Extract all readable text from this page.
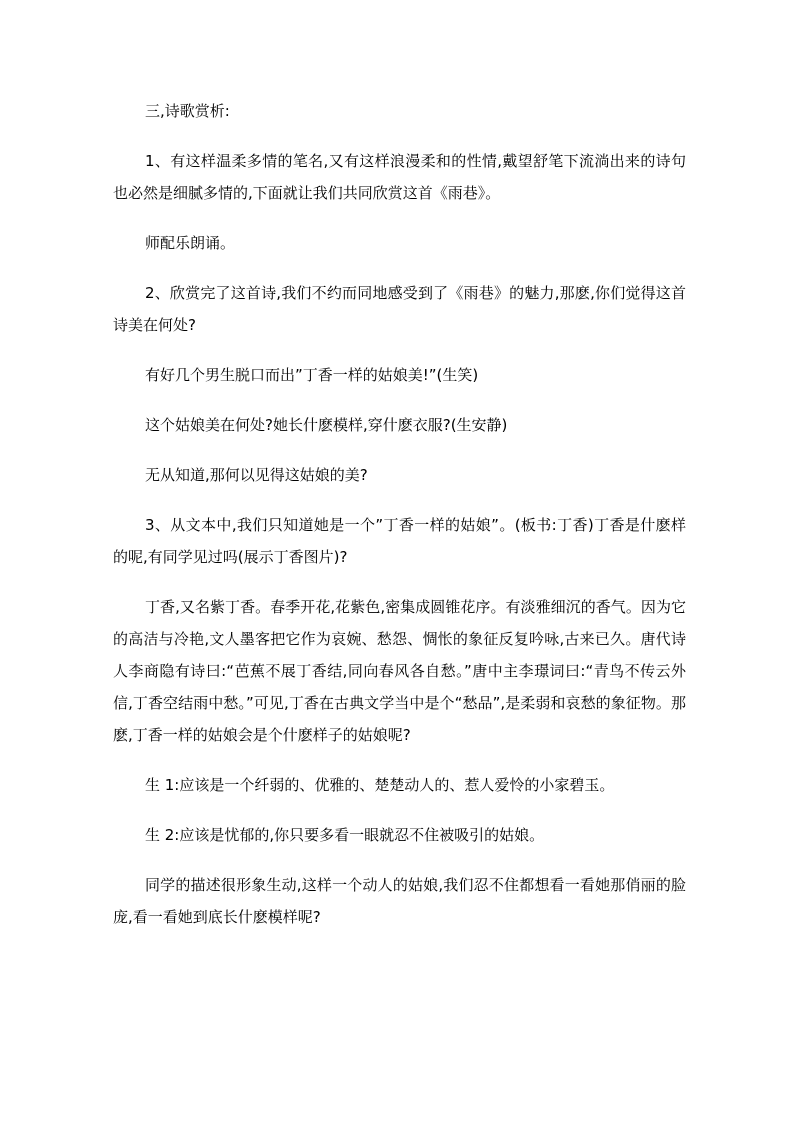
三,诗歌赏析:

1、有这样温柔多情的笔名,又有这样浪漫柔和的性情,戴望舒笔下流淌出来的诗句也必然是细腻多情的,下面就让我们共同欣赏这首《雨巷》。

师配乐朗诵。

2、欣赏完了这首诗,我们不约而同地感受到了《雨巷》的魅力,那麽,你们觉得这首诗美在何处?

有好几个男生脱口而出”丁香一样的姑娘美!”(生笑)

这个姑娘美在何处?她长什麽模样,穿什麽衣服?(生安静)

无从知道,那何以见得这姑娘的美?

3、从文本中,我们只知道她是一个”丁香一样的姑娘”。(板书:丁香)丁香是什麽样的呢,有同学见过吗(展示丁香图片)?

丁香,又名紫丁香。春季开花,花紫色,密集成圆锥花序。有淡雅细沉的香气。因为它的高洁与冷艳,文人墨客把它作为哀婉、愁怨、惆怅的象征反复吟咏,古来已久。唐代诗人李商隐有诗曰:“芭蕉不展丁香结,同向春风各自愁。”唐中主李璟词曰:“青鸟不传云外信,丁香空结雨中愁。”可见,丁香在古典文学当中是个“愁品”,是柔弱和哀愁的象征物。那麽,丁香一样的姑娘会是个什麽样子的姑娘呢?

生 1:应该是一个纤弱的、优雅的、楚楚动人的、惹人爱怜的小家碧玉。

生 2:应该是忧郁的,你只要多看一眼就忍不住被吸引的姑娘。

同学的描述很形象生动,这样一个动人的姑娘,我们忍不住都想看一看她那俏丽的脸庞,看一看她到底长什麽模样呢?
